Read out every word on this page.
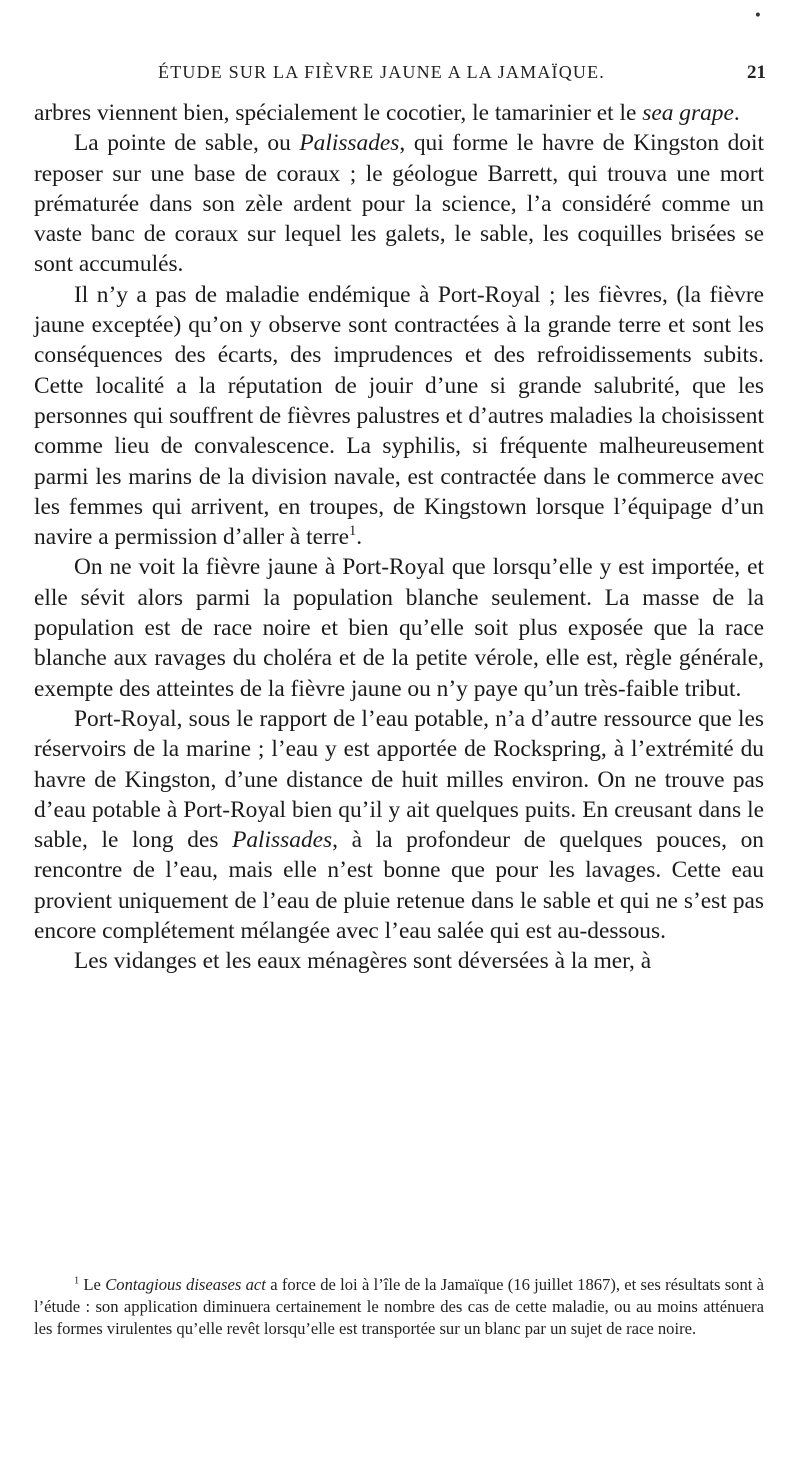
•
ÉTUDE SUR LA FIÈVRE JAUNE A LA JAMAÏQUE.	21

arbres viennent bien, spécialement le cocotier, le tamarinier et le sea grape.

La pointe de sable, ou Palissades, qui forme le havre de Kingston doit reposer sur une base de coraux ; le géologue Barrett, qui trouva une mort prématurée dans son zèle ardent pour la science, l’a considéré comme un vaste banc de coraux sur lequel les galets, le sable, les coquilles brisées se sont accumulés.

Il n’y a pas de maladie endémique à Port-Royal ; les fièvres, (la fièvre jaune exceptée) qu’on y observe sont contractées à la grande terre et sont les conséquences des écarts, des imprudences et des refroidissements subits. Cette localité a la réputation de jouir d’une si grande salubrité, que les personnes qui souffrent de fièvres palustres et d’autres maladies la choisissent comme lieu de convalescence. La syphilis, si fréquente malheureusement parmi les marins de la division navale, est contractée dans le commerce avec les femmes qui arrivent, en troupes, de Kingstown lorsque l’équipage d’un navire a permission d’aller à terre$^1$.

On ne voit la fièvre jaune à Port-Royal que lorsqu’elle y est importée, et elle sévit alors parmi la population blanche seulement. La masse de la population est de race noire et bien qu’elle soit plus exposée que la race blanche aux ravages du choléra et de la petite vérole, elle est, règle générale, exempte des atteintes de la fièvre jaune ou n’y paye qu’un très-faible tribut.

Port-Royal, sous le rapport de l’eau potable, n’a d’autre ressource que les réservoirs de la marine ; l’eau y est apportée de Rockspring, à l’extrémité du havre de Kingston, d’une distance de huit milles environ. On ne trouve pas d’eau potable à Port-Royal bien qu’il y ait quelques puits. En creusant dans le sable, le long des Palissades, à la profondeur de quelques pouces, on rencontre de l’eau, mais elle n’est bonne que pour les lavages. Cette eau provient uniquement de l’eau de pluie retenue dans le sable et qui ne s’est pas encore complétement mélangée avec l’eau salée qui est au-dessous.

Les vidanges et les eaux ménagères sont déversées à la mer, à

$^1$ Le Contagious diseases act a force de loi à l’île de la Jamaïque (16 juillet 1867), et ses résultats sont à l’étude : son application diminuera certainement le nombre des cas de cette maladie, ou au moins atténuera les formes virulentes qu’elle revêt lorsqu’elle est transportée sur un blanc par un sujet de race noire.
